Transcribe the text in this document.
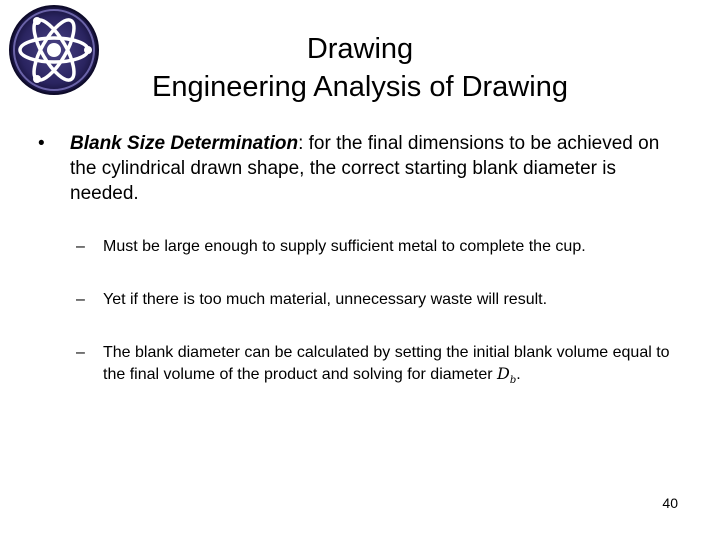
Drawing
Engineering Analysis of Drawing
• Blank Size Determination: for the final dimensions to be achieved on the cylindrical drawn shape, the correct starting blank diameter is needed.
– Must be large enough to supply sufficient metal to complete the cup.
– Yet if there is too much material, unnecessary waste will result.
– The blank diameter can be calculated by setting the initial blank volume equal to the final volume of the product and solving for diameter $D_b$.
40
